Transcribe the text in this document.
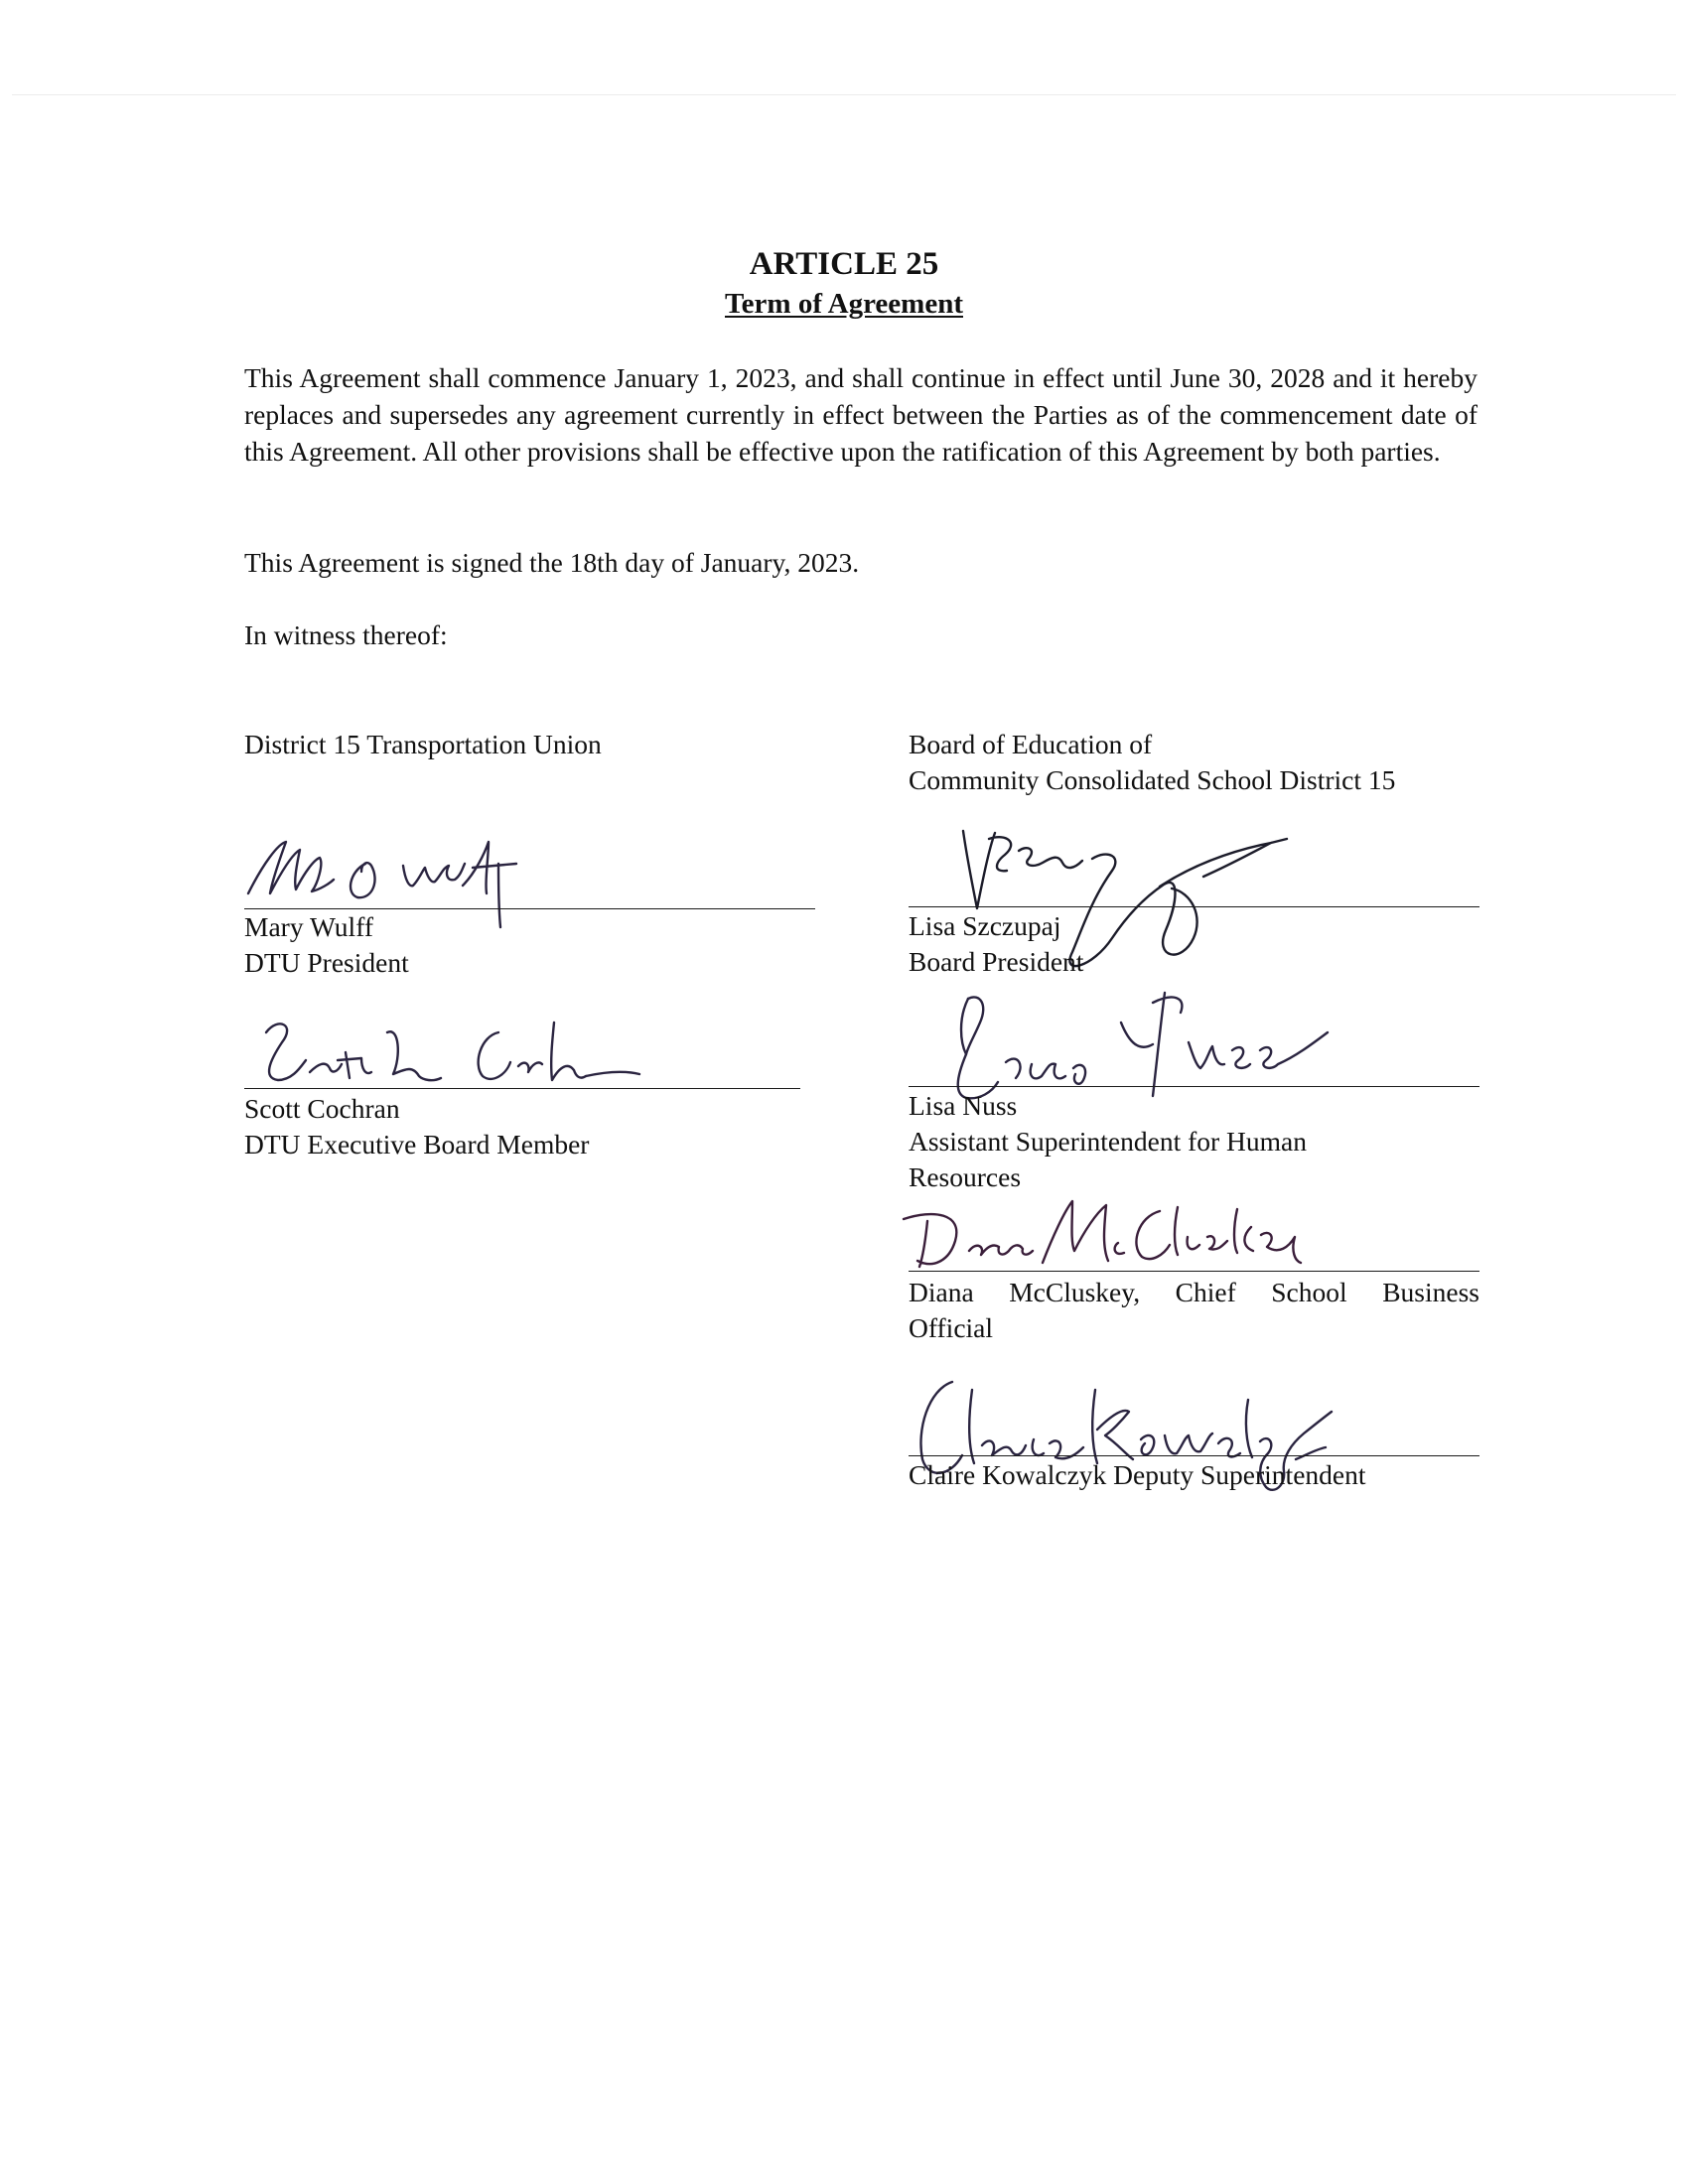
ARTICLE 25
Term of Agreement
This Agreement shall commence January 1, 2023, and shall continue in effect until June 30, 2028 and it hereby replaces and supersedes any agreement currently in effect between the Parties as of the commencement date of this Agreement. All other provisions shall be effective upon the ratification of this Agreement by both parties.
This Agreement is signed the 18th day of January, 2023.
In witness thereof:
District 15 Transportation Union
Mary Wulff
DTU President
Scott Cochran
DTU Executive Board Member
Board of Education of
Community Consolidated School District 15
Lisa Szczupaj
Board President
Lisa Nuss
Assistant Superintendent for Human
Resources
Diana McCluskey, Chief School Business
Official
Claire Kowalczyk Deputy Superintendent
